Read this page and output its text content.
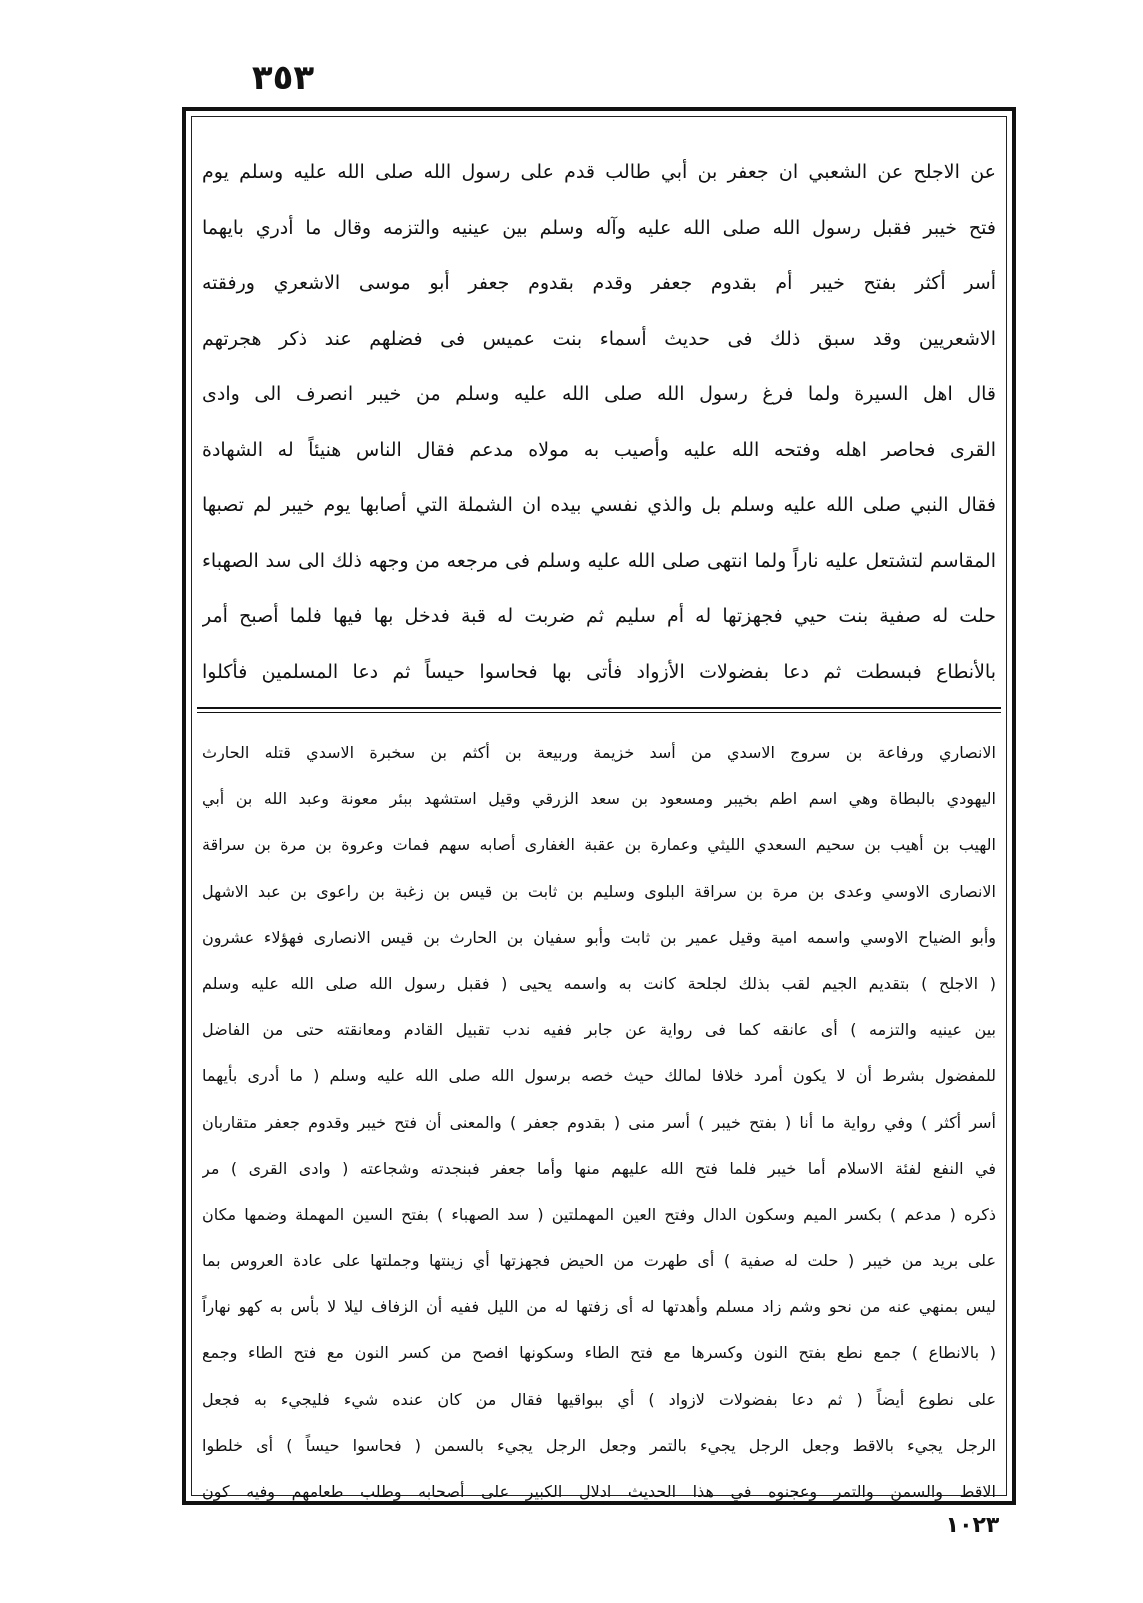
٣٥٣
عن الاجلح عن الشعبي ان جعفر بن أبي طالب قدم على رسول الله صلى الله عليه وسلم يوم
فتح خيبر فقبل رسول الله صلى الله عليه وآله وسلم بين عينيه والتزمه وقال ما أدري بايهما
أسر أكثر بفتح خيبر أم بقدوم جعفر وقدم بقدوم جعفر أبو موسى الاشعري ورفقته
الاشعريين وقد سبق ذلك فى حديث أسماء بنت عميس فى فضلهم عند ذكر هجرتهم
قال اهل السيرة ولما فرغ رسول الله صلى الله عليه وسلم من خيبر انصرف الى وادى
القرى فحاصر اهله وفتحه الله عليه وأصيب به مولاه مدعم فقال الناس هنيئاً له الشهادة
فقال النبي صلى الله عليه وسلم بل والذي نفسي بيده ان الشملة التي أصابها يوم خيبر لم تصبها
المقاسم لتشتعل عليه ناراً ولما انتهى صلى الله عليه وسلم فى مرجعه من وجهه ذلك الى سد الصهباء
حلت له صفية بنت حيي فجهزتها له أم سليم ثم ضربت له قبة فدخل بها فيها فلما أصبح أمر
بالأنطاع فبسطت ثم دعا بفضولات الأزواد فأتى بها فحاسوا حيساً ثم دعا المسلمين فأكلوا
الانصاري ورفاعة بن سروج الاسدي من أسد خزيمة وربيعة بن أكثم بن سخبرة الاسدي قتله الحارث
اليهودي بالبطاة وهي اسم اطم بخيبر ومسعود بن سعد الزرقي وقيل استشهد ببئر معونة وعبد الله بن أبي
الهيب بن أهيب بن سحيم السعدي الليثي وعمارة بن عقبة الغفارى أصابه سهم فمات وعروة بن مرة بن سراقة
الانصارى الاوسي وعدى بن مرة بن سراقة البلوى وسليم بن ثابت بن قيس بن زغبة بن راعوى بن عبد الاشهل
وأبو الضياح الاوسي واسمه امية وقيل عمير بن ثابت وأبو سفيان بن الحارث بن قيس الانصارى فهؤلاء عشرون
( الاجلح ) بتقديم الجيم لقب بذلك لجلحة كانت به واسمه يحيى ( فقبل رسول الله صلى الله عليه وسلم
بين عينيه والتزمه ) أى عانقه كما فى رواية عن جابر ففيه ندب تقبيل القادم ومعانقته حتى من الفاضل
للمفضول بشرط أن لا يكون أمرد خلافا لمالك حيث خصه برسول الله صلى الله عليه وسلم ( ما أدرى بأيهما
أسر أكثر ) وفي رواية ما أنا ( بفتح خيبر ) أسر منى ( بقدوم جعفر ) والمعنى أن فتح خيبر وقدوم جعفر متقاربان
في النفع لفئة الاسلام أما خيبر فلما فتح الله عليهم منها وأما جعفر فبنجدته وشجاعته ( وادى القرى ) مر
ذكره ( مدعم ) بكسر الميم وسكون الدال وفتح العين المهملتين ( سد الصهباء ) بفتح السين المهملة وضمها مكان
على بريد من خيبر ( حلت له صفية ) أى طهرت من الحيض فجهزتها أي زينتها وجملتها على عادة العروس بما
ليس بمنهي عنه من نحو وشم زاد مسلم وأهدتها له أى زفتها له من الليل ففيه أن الزفاف ليلا لا بأس به كهو نهاراً
( بالانطاع ) جمع نطع بفتح النون وكسرها مع فتح الطاء وسكونها افصح من كسر النون مع فتح الطاء وجمع
على نطوع أيضاً ( ثم دعا بفضولات لازواد ) أي ببواقيها فقال من كان عنده شيء فليجيء به فجعل
الرجل يجيء بالاقط وجعل الرجل يجيء بالتمر وجعل الرجل يجيء بالسمن ( فحاسوا حيساً ) أى خلطوا
الاقط والسمن والتمر وعجنوه في هذا الحديث ادلال الكبير على أصحابه وطلب طعامهم وفيه كون
١٠٢٣
